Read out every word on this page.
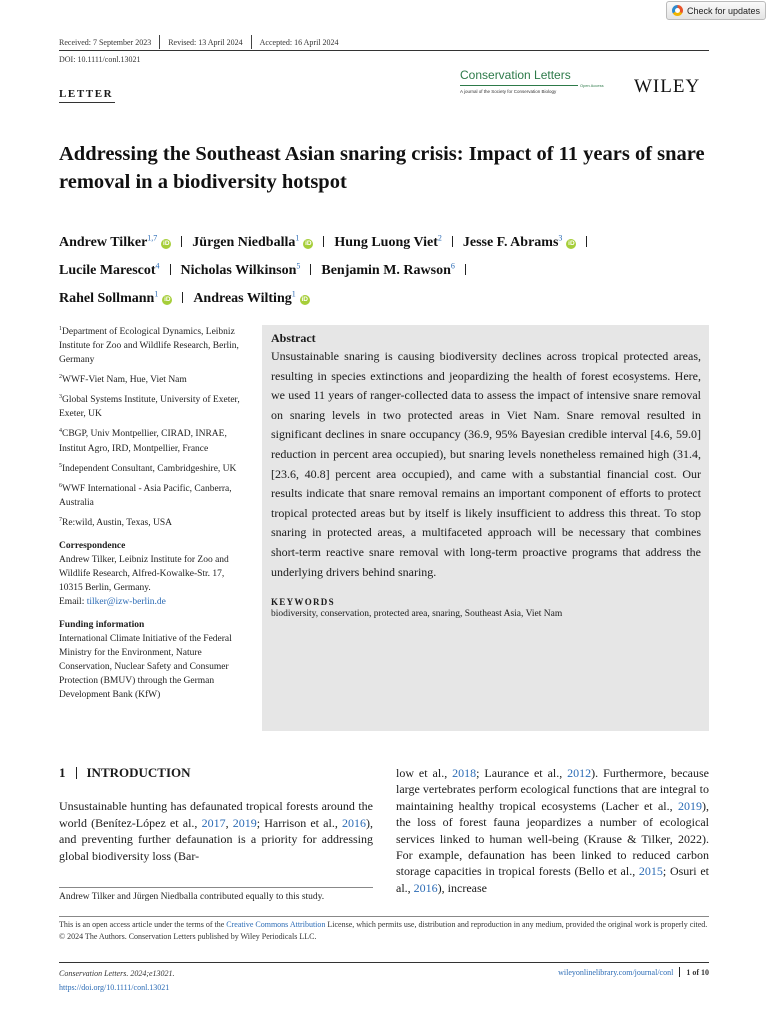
Check for updates
Received: 7 September 2023 Revised: 13 April 2024 Accepted: 16 April 2024
DOI: 10.1111/conl.13021
LETTER
Conservation Letters
Open Access
A journal of the Society for Conservation Biology	WILEY
Addressing the Southeast Asian snaring crisis: Impact of 11 years of snare removal in a biodiversity hotspot
Andrew Tilker$^{1,7}$iD Jürgen Niedballa$^1$iD Hung Luong Viet$^2$ Jesse F. Abrams$^3$iD
Lucile Marescot$^4$ Nicholas Wilkinson$^5$ Benjamin M. Rawson$^6$
Rahel Sollmann$^1$iD Andreas Wilting$^1$iD

$^1$Department of Ecological Dynamics, Leibniz Institute for Zoo and Wildlife Research, Berlin, Germany

$^2$WWF-Viet Nam, Hue, Viet Nam

$^3$Global Systems Institute, University of Exeter, Exeter, UK

$^4$CBGP, Univ Montpellier, CIRAD, INRAE, Institut Agro, IRD, Montpellier, France

$^5$Independent Consultant, Cambridgeshire, UK

$^6$WWF International - Asia Pacific, Canberra, Australia

$^7$Re:wild, Austin, Texas, USA

Correspondence
Andrew Tilker, Leibniz Institute for Zoo and Wildlife Research, Alfred-Kowalke-Str. 17, 10315 Berlin, Germany.
Email: tilker@izw-berlin.de
Funding information
International Climate Initiative of the Federal Ministry for the Environment, Nature Conservation, Nuclear Safety and Consumer Protection (BMUV) through the German Development Bank (KfW)
Abstract
Unsustainable snaring is causing biodiversity declines across tropical protected areas, resulting in species extinctions and jeopardizing the health of forest ecosystems. Here, we used 11 years of ranger-collected data to assess the impact of intensive snare removal on snaring levels in two protected areas in Viet Nam. Snare removal resulted in significant declines in snare occupancy (36.9, 95% Bayesian credible interval [4.6, 59.0] reduction in percent area occupied), but snaring levels nonetheless remained high (31.4, [23.6, 40.8] percent area occupied), and came with a substantial financial cost. Our results indicate that snare removal remains an important component of efforts to protect tropical protected areas but by itself is likely insufficient to address this threat. To stop snaring in protected areas, a multifaceted approach will be necessary that combines short-term reactive snare removal with long-term proactive programs that address the underlying drivers behind snaring.
KEYWORDS
biodiversity, conservation, protected area, snaring, Southeast Asia, Viet Nam
1 INTRODUCTION
Unsustainable hunting has defaunated tropical forests around the world (Benítez-López et al., 2017, 2019; Harrison et al., 2016), and preventing further defaunation is a priority for addressing global biodiversity loss (Bar-
low et al., 2018; Laurance et al., 2012). Furthermore, because large vertebrates perform ecological functions that are integral to maintaining healthy tropical ecosystems (Lacher et al., 2019), the loss of forest fauna jeopardizes a number of ecological services linked to human well-being (Krause & Tilker, 2022). For example, defaunation has been linked to reduced carbon storage capacities in tropical forests (Bello et al., 2015; Osuri et al., 2016), increase
Andrew Tilker and Jürgen Niedballa contributed equally to this study.
This is an open access article under the terms of the Creative Commons Attribution License, which permits use, distribution and reproduction in any medium, provided the original work is properly cited.
© 2024 The Authors. Conservation Letters published by Wiley Periodicals LLC.
Conservation Letters. 2024;e13021.
https://doi.org/10.1111/conl.13021
wileyonlinelibrary.com/journal/conl 1 of 10
